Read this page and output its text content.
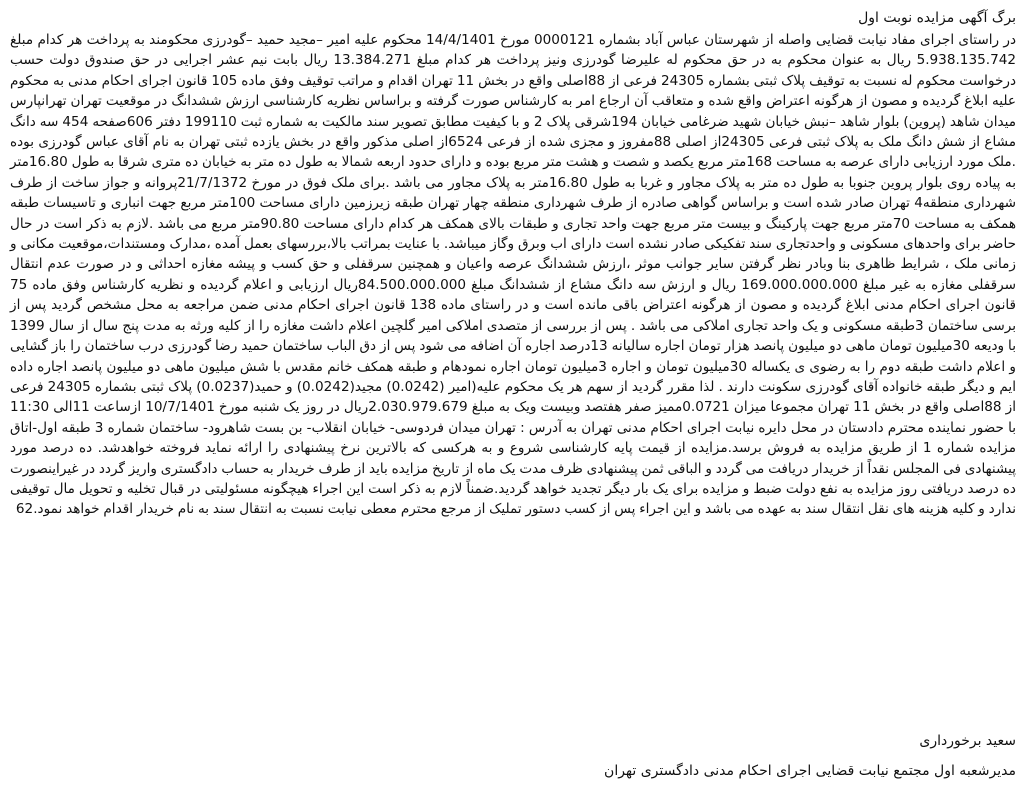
برگ آگهی مزایده نوبت اول
در راستای اجرای مفاد نیابت قضایی واصله از شهرستان عباس آباد بشماره 0000121 مورخ 14/4/1401 محکوم علیه امیر –مجید حمید –گودرزی محکومند به پرداخت هر کدام مبلغ 5.938.135.742 ریال به عنوان محکوم به در حق محکوم له علیرضا گودرزی ونیز پرداخت هر کدام مبلغ 13.384.271 ریال بابت نیم عشر اجرایی در حق صندوق دولت حسب درخواست محکوم له نسبت به توقیف پلاک ثبتی بشماره 24305 فرعی از 88اصلی واقع در بخش 11 تهران اقدام و مراتب توقیف وفق ماده 105 قانون اجرای احکام مدنی به محکوم علیه ابلاغ گردیده و مصون از هرگونه اعتراض واقع شده و متعاقب آن ارجاع امر به کارشناس صورت گرفته و براساس نظریه کارشناسی ارزش ششدانگ در موقعیت تهران تهرانپارس میدان شاهد (پروین) بلوار شاهد –نبش خیابان شهید ضرغامی خیابان 194شرقی پلاک 2 و با کیفیت مطابق تصویر سند مالکیت به شماره ثبت 199110 دفتر 606صفحه 454 سه دانگ مشاع از شش دانگ ملک به پلاک ثبتی فرعی 24305از اصلی 88مفروز و مجزی شده از فرعی 6524از اصلی مذکور واقع در بخش یازده ثبتی تهران به نام آقای عباس گودرزی بوده .ملک مورد ارزیابی دارای عرصه به مساحت 168متر مربع یکصد و شصت و هشت متر مربع بوده و دارای حدود اربعه شمالا به طول ده متر به خیابان ده متری شرقا به طول 16.80متر به پیاده روی بلوار پروین جنوبا به طول ده متر به پلاک مجاور و غربا به طول 16.80متر به پلاک مجاور می باشد .برای ملک فوق در مورخ 21/7/1372پروانه و جواز ساخت از طرف شهرداری منطقه4 تهران صادر شده است و براساس گواهی صادره از طرف شهرداری منطقه چهار تهران طبقه زیرزمین دارای مساحت 100متر مربع جهت انباری و تاسیسات طبقه همکف به مساحت 70متر مربع جهت پارکینگ و بیست متر مربع جهت واحد تجاری و طبقات بالای همکف هر کدام دارای مساحت 90.80متر مربع می باشد .لازم به ذکر است در حال حاضر برای واحدهای مسکونی و واحدتجاری سند تفکیکی صادر نشده است دارای اب وبرق وگاز میباشد. با عنایت بمراتب بالا،بررسهای بعمل آمده ،مدارک ومستندات،موقعیت مکانی و زمانی ملک ، شرایط ظاهری بنا وبادر نظر گرفتن سایر جوانب موثر ،ارزش ششدانگ عرصه واعیان و همچنین سرقفلی و حق کسب و پیشه مغازه احداثی و در صورت عدم انتقال سرقفلی مغازه به غیر مبلغ 169.000.000.000 ریال و ارزش سه دانگ مشاع از ششدانگ مبلغ 84.500.000.000ریال ارزیابی و اعلام گردیده و نظریه کارشناس وفق ماده 75 قانون اجرای احکام مدنی ابلاغ گردیده و مصون از هرگونه اعتراض باقی مانده است و در راستای ماده 138 قانون اجرای احکام مدنی ضمن مراجعه به محل مشخص گردید پس از برسی ساختمان 3طبقه مسکونی و یک واحد تجاری املاکی می باشد . پس از بررسی از متصدی املاکی امیر گلچین اعلام داشت مغازه را از کلیه ورثه به مدت پنج سال از سال 1399 با ودیعه 30میلیون تومان ماهی دو میلیون پانصد هزار تومان اجاره سالیانه 13درصد اجاره آن اضافه می شود پس از دق الباب ساختمان حمید رضا گودرزی درب ساختمان را باز گشایی و اعلام داشت طبقه دوم را به رضوی ی یکساله 30میلیون تومان و اجاره 3میلیون تومان اجاره نمودهام و طبقه همکف خانم مقدس با شش میلیون ماهی دو میلیون پانصد اجاره داده ایم و دیگر طبقه خانواده آقای گودرزی سکونت دارند . لذا مقرر گردید از سهم هر یک محکوم علیه(امیر (0.0242) مجید(0.0242) و حمید(0.0237) پلاک ثبتی بشماره 24305 فرعی از 88اصلی واقع در بخش 11 تهران مجموعا میزان 0.0721ممیز صفر هفتصد وبیست ویک به مبلغ 2.030.979.679ریال در روز یک شنبه مورخ 10/7/1401 ازساعت 11الی 11:30 با حضور نماینده محترم دادستان در محل دایره نیابت اجرای احکام مدنی تهران به آدرس : تهران میدان فردوسی- خیابان انقلاب- بن بست شاهرود- ساختمان شماره 3 طبقه اول-اتاق مزایده شماره 1 از طریق مزایده به فروش برسد.مزایده از قیمت پایه کارشناسی شروع و به هرکسی که بالاترین نرخ پیشنهادی را ارائه نماید فروخته خواهدشد. ده درصد مورد پیشنهادی فی المجلس نقداً از خریدار دریافت می گردد و الباقی ثمن پیشنهادی ظرف مدت یک ماه از تاریخ مزایده باید از طرف خریدار به حساب دادگستری واریز گردد در غیراینصورت ده درصد دریافتی روز مزایده به نفع دولت ضبط و مزایده برای یک بار دیگر تجدید خواهد گردید.ضمناً لازم به ذکر است این اجراء هیچگونه مسئولیتی در قبال تخلیه و تحویل مال توقیفی ندارد و کلیه هزینه های نقل انتقال سند به عهده می باشد و این اجراء پس از کسب دستور تملیک از مرجع محترم معطی نیابت نسبت به انتقال سند به نام خریدار اقدام خواهد نمود.62
سعید برخورداری
مدیرشعبه اول مجتمع نیابت قضایی اجرای احکام مدنی دادگستری تهران
